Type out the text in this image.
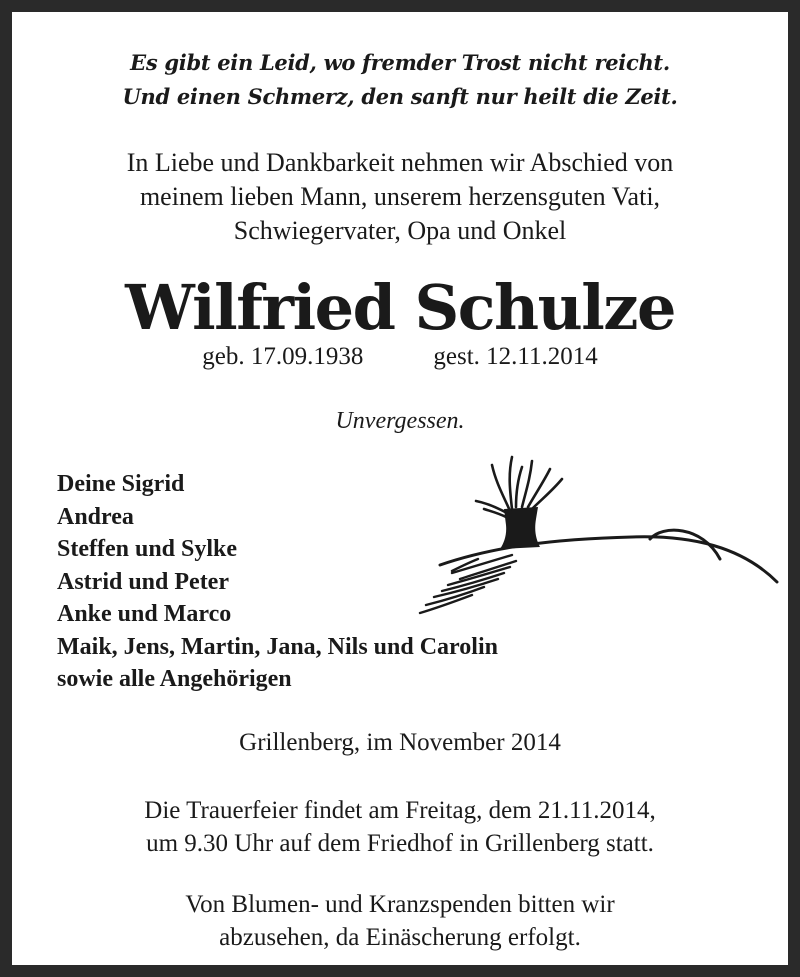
Es gibt ein Leid, wo fremder Trost nicht reicht.
Und einen Schmerz, den sanft nur heilt die Zeit.
In Liebe und Dankbarkeit nehmen wir Abschied von
meinem lieben Mann, unserem herzensguten Vati,
Schwiegervater, Opa und Onkel
Wilfried Schulze
geb. 17.09.1938	gest. 12.11.2014
Unvergessen.
Deine Sigrid
Andrea
Steffen und Sylke
Astrid und Peter
Anke und Marco
Maik, Jens, Martin, Jana, Nils und Carolin
sowie alle Angehörigen
Grillenberg, im November 2014
Die Trauerfeier findet am Freitag, dem 21.11.2014,
um 9.30 Uhr auf dem Friedhof in Grillenberg statt.
Von Blumen- und Kranzspenden bitten wir
abzusehen, da Einäscherung erfolgt.
